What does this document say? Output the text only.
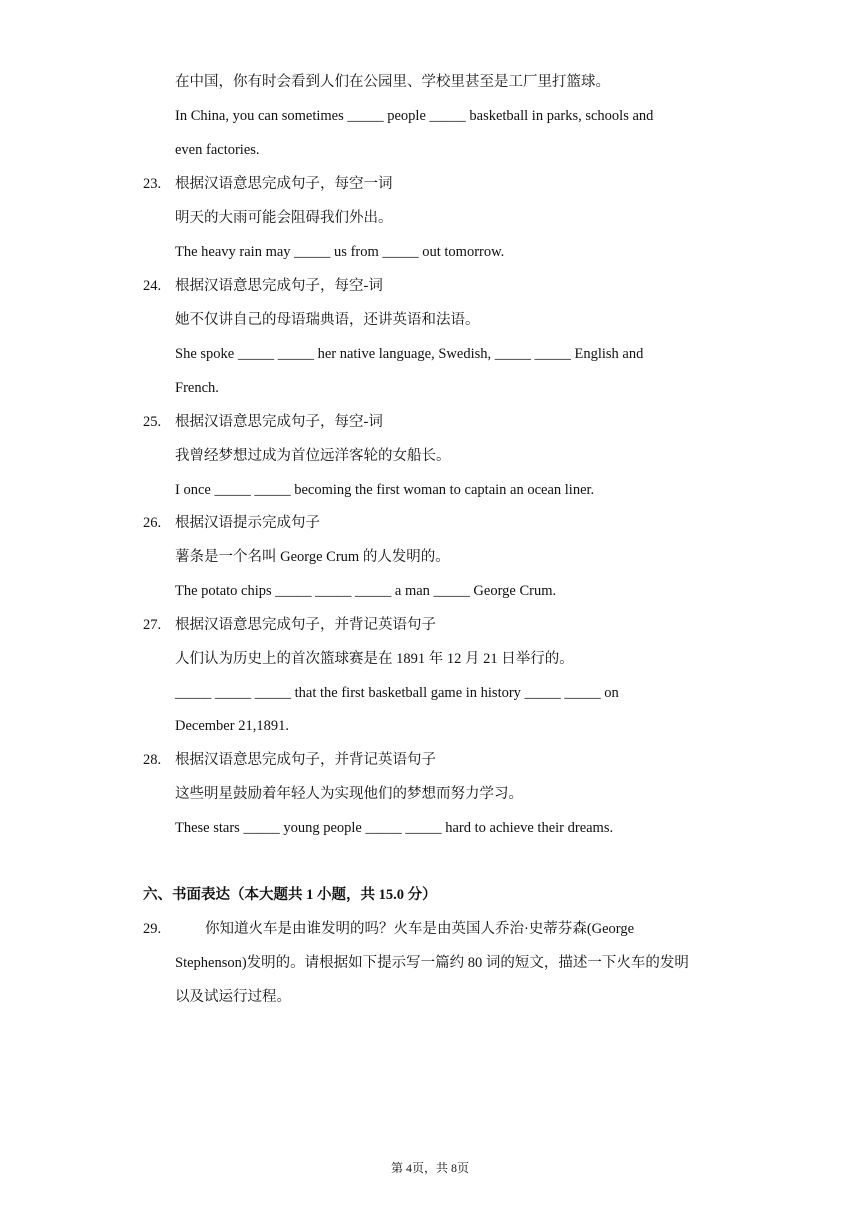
在中国，你有时会看到人们在公园里、学校里甚至是工厂里打篮球。
In China, you can sometimes _____ people _____ basketball in parks, schools and
even factories.
23. 根据汉语意思完成句子，每空一词
明天的大雨可能会阻碍我们外出。
The heavy rain may _____ us from _____ out tomorrow.
24. 根据汉语意思完成句子，每空-词
她不仅讲自己的母语瑞典语，还讲英语和法语。
She spoke _____ _____ her native language, Swedish, _____ _____ English and
French.
25. 根据汉语意思完成句子，每空-词
我曾经梦想过成为首位远洋客轮的女船长。
I once _____ _____ becoming the first woman to captain an ocean liner.
26. 根据汉语提示完成句子
薯条是一个名叫 George Crum 的人发明的。
The potato chips _____ _____ _____ a man _____ George Crum.
27. 根据汉语意思完成句子，并背记英语句子
人们认为历史上的首次篮球赛是在 1891 年 12 月 21 日举行的。
_____ _____ _____ that the first basketball game in history _____ _____ on
December 21,1891.
28. 根据汉语意思完成句子，并背记英语句子
这些明星鼓励着年轻人为实现他们的梦想而努力学习。
These stars _____ young people _____ _____ hard to achieve their dreams.
六、书面表达（本大题共 1 小题，共 15.0 分）
29.	你知道火车是由谁发明的吗？火车是由英国人乔治·史蒂芬森(George
Stephenson)发明的。请根据如下提示写一篇约 80 词的短文，描述一下火车的发明
以及试运行过程。
第 4页，共 8页
